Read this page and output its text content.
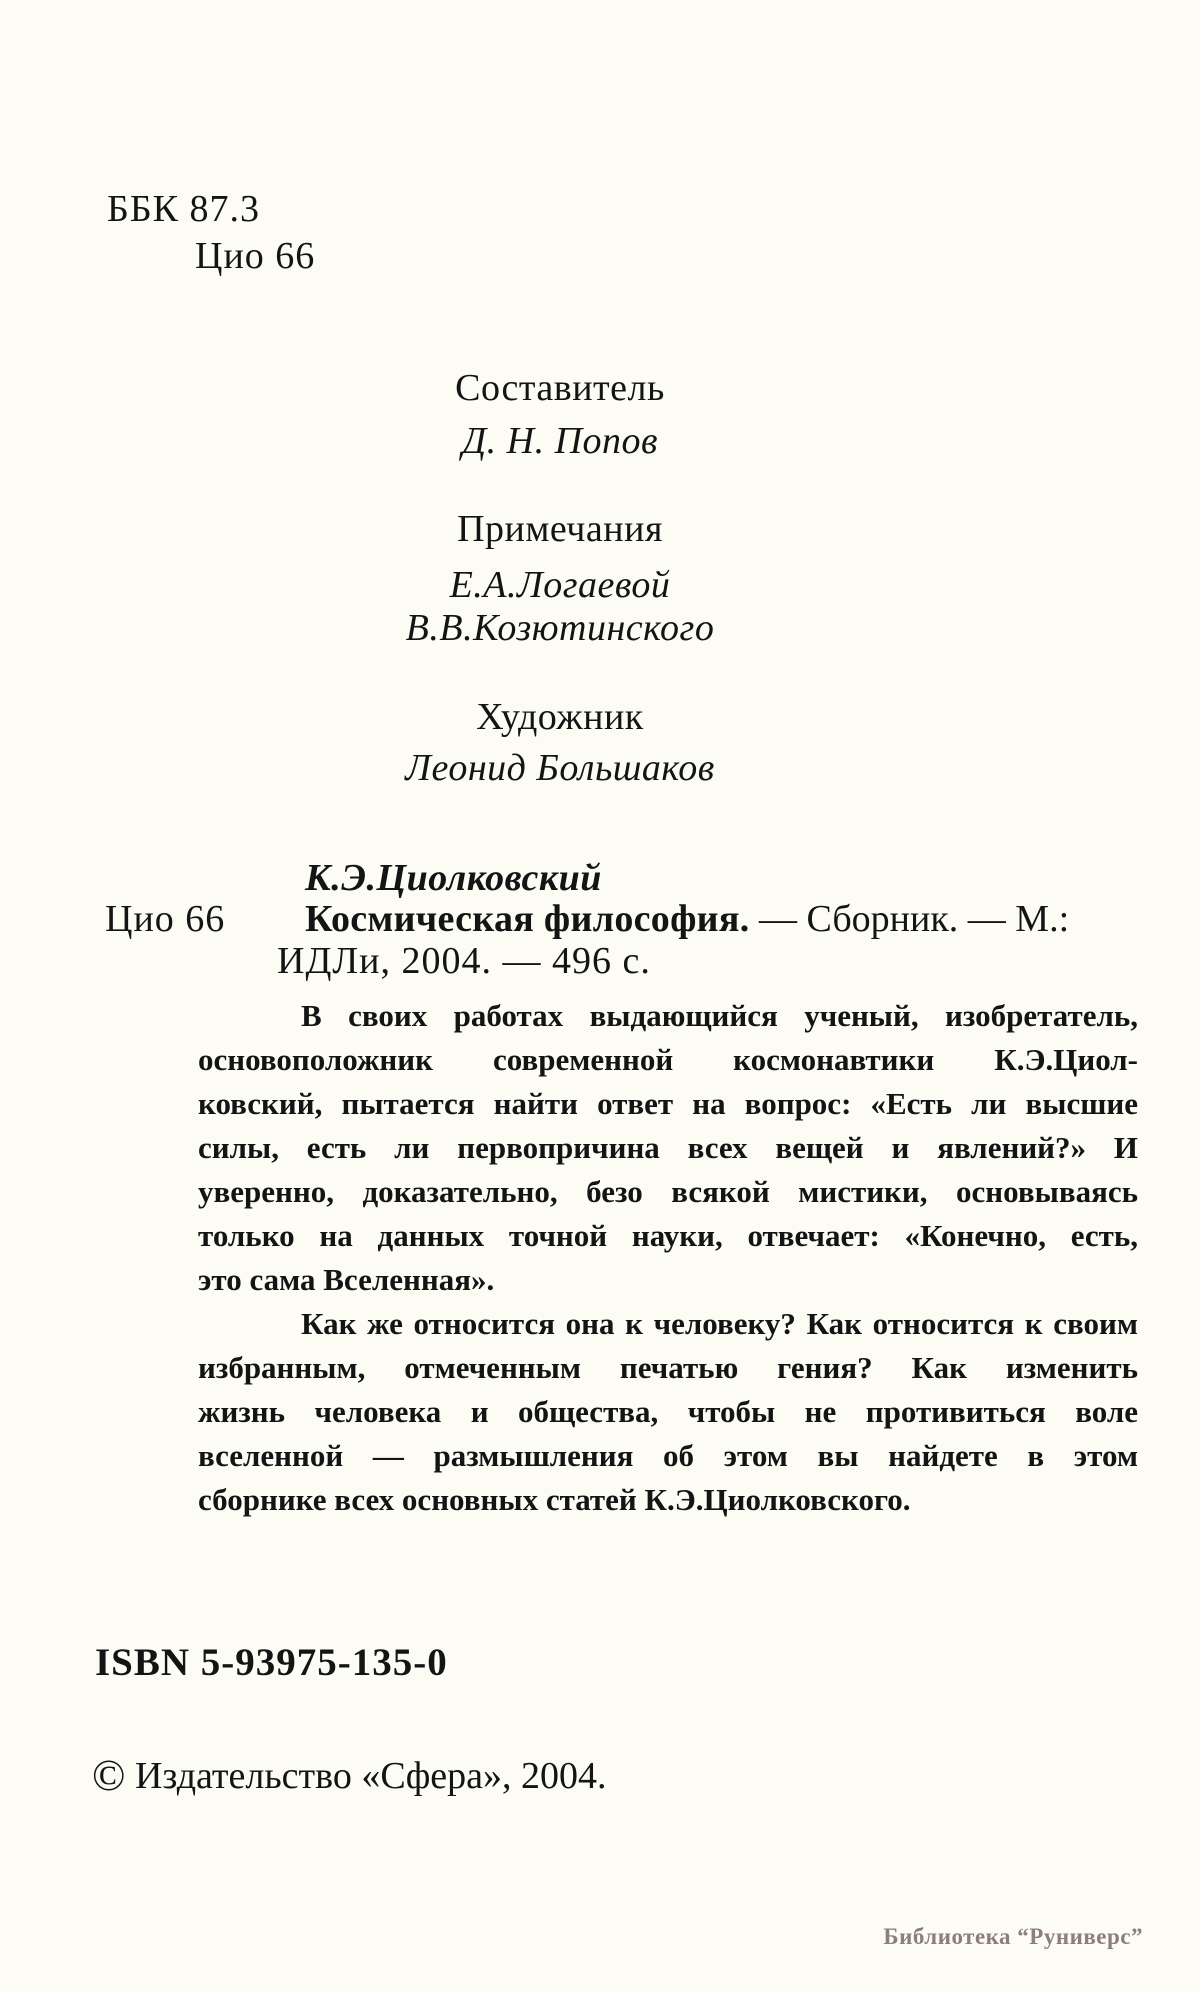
ББК 87.3
Цио 66
Составитель
Д. Н. Попов
Примечания
Е.А.Логаевой
В.В.Козютинского
Художник
Леонид Большаков
К.Э.Циолковский
Цио 66 Космическая философия. — Сборник. — М.:
ИДЛи, 2004. — 496 с.
В своих работах выдающийся ученый, изобретатель,
основоположник современной космонавтики К.Э.Циол-
ковский, пытается найти ответ на вопрос: «Есть ли высшие
силы, есть ли первопричина всех вещей и явлений?» И
уверенно, доказательно, безо всякой мистики, основываясь
только на данных точной науки, отвечает: «Конечно, есть,
это сама Вселенная».
Как же относится она к человеку? Как относится к своим
избранным, отмеченным печатью гения? Как изменить
жизнь человека и общества, чтобы не противиться воле
вселенной — размышления об этом вы найдете в этом
сборнике всех основных статей К.Э.Циолковского.
ISBN 5-93975-135-0
© Издательство «Сфера», 2004.
Библиотека “Руниверс”
